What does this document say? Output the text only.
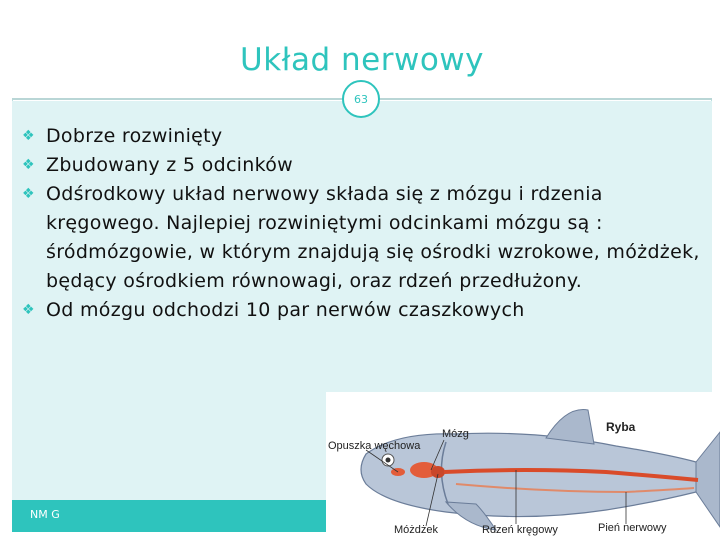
Układ nerwowy
63
NM G
❖ Dobrze rozwinięty
❖ Zbudowany z 5 odcinków
❖ Odśrodkowy układ nerwowy składa się z mózgu i rdzenia kręgowego. Najlepiej rozwiniętymi odcinkami mózgu są : śródmózgowie, w którym znajdują się ośrodki wzrokowe, móżdżek, będący ośrodkiem równowagi, oraz rdzeń przedłużony.
❖ Od mózgu odchodzi 10 par nerwów czaszkowych
Mózg	Ryba
Opuszka węchowa
Móżdżek	Rdzeń kręgowy	Pień nerwowy
